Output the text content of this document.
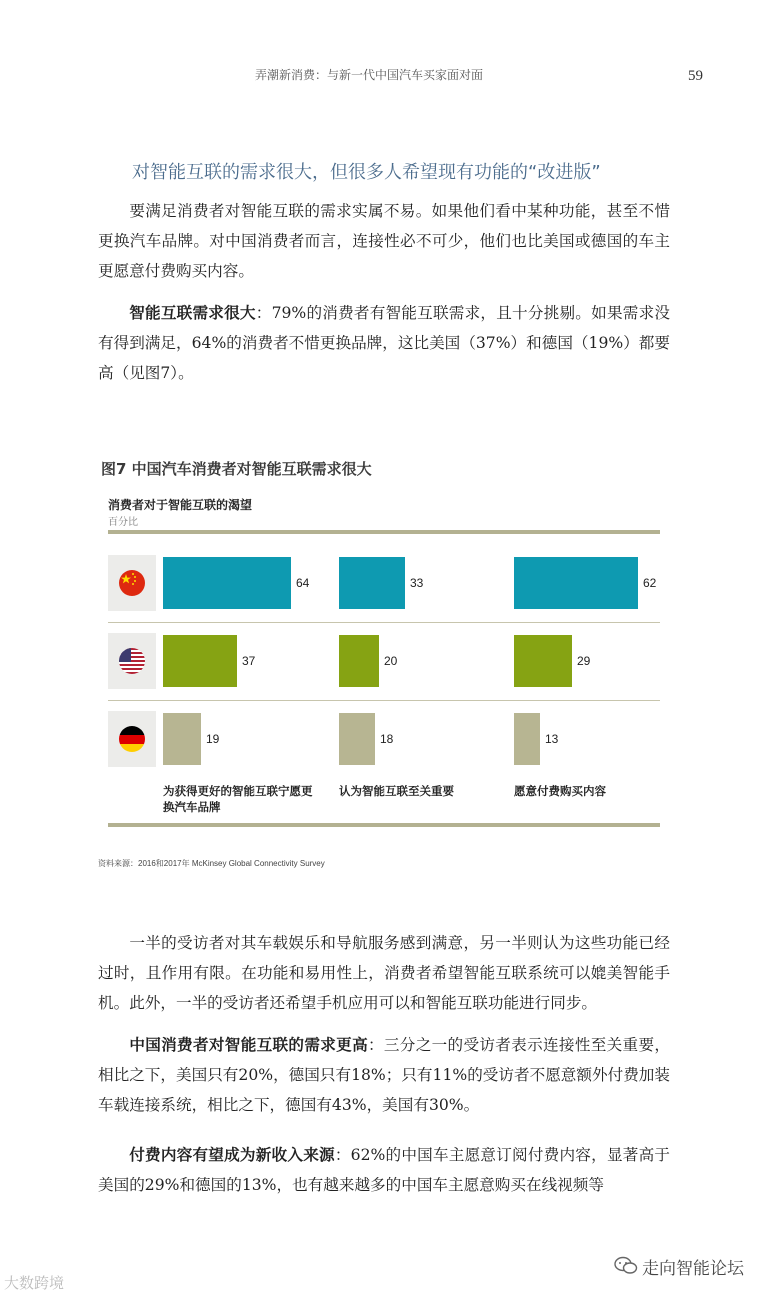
弄潮新消费：与新一代中国汽车买家面对面	59
对智能互联的需求很大，但很多人希望现有功能的“改进版”
要满足消费者对智能互联的需求实属不易。如果他们看中某种功能，甚至不惜更换汽车品牌。对中国消费者而言，连接性必不可少，他们也比美国或德国的车主更愿意付费购买内容。
智能互联需求很大：79%的消费者有智能互联需求，且十分挑剔。如果需求没有得到满足，64%的消费者不惜更换品牌，这比美国（37%）和德国（19%）都要高（见图7）。
图7 中国汽车消费者对智能互联需求很大
消费者对于智能互联的渴望
百分比
64	33	62
37	20	29
19	18	13
为获得更好的智能互联宁愿更换汽车品牌
认为智能互联至关重要	愿意付费购买内容
资料来源：2016和2017年 McKinsey Global Connectivity Survey
一半的受访者对其车载娱乐和导航服务感到满意，另一半则认为这些功能已经过时，且作用有限。在功能和易用性上，消费者希望智能互联系统可以媲美智能手机。此外，一半的受访者还希望手机应用可以和智能互联功能进行同步。
中国消费者对智能互联的需求更高：三分之一的受访者表示连接性至关重要，相比之下，美国只有20%，德国只有18%；只有11%的受访者不愿意额外付费加装车载连接系统，相比之下，德国有43%，美国有30%。
付费内容有望成为新收入来源：62%的中国车主愿意订阅付费内容，显著高于美国的29%和德国的13%，也有越来越多的中国车主愿意购买在线视频等
走向智能论坛
大数跨境
